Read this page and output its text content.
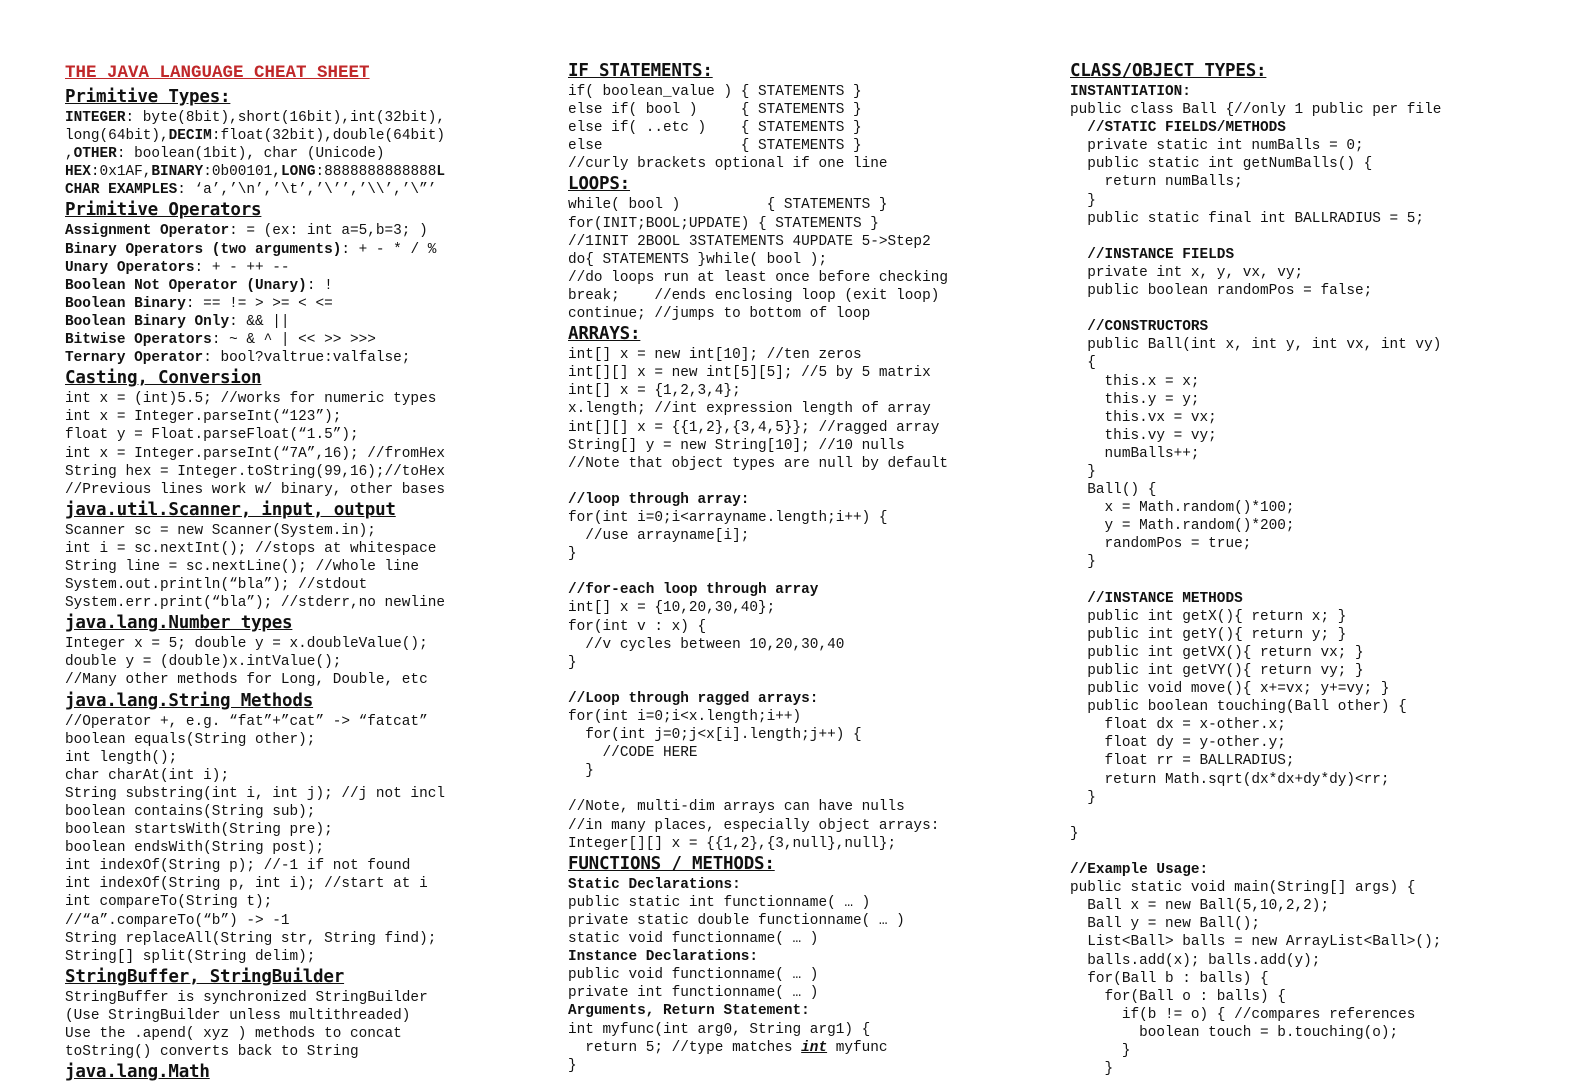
THE JAVA LANGUAGE CHEAT SHEET
Primitive Types:
INTEGER: byte(8bit),short(16bit),int(32bit),
long(64bit),DECIM:float(32bit),double(64bit)
,OTHER: boolean(1bit), char (Unicode)
HEX:0x1AF,BINARY:0b00101,LONG:8888888888888L
CHAR EXAMPLES: ‘a’,’\n’,’\t’,’\’’,’\\’,’\”’
Primitive Operators
Assignment Operator: = (ex: int a=5,b=3; )
Binary Operators (two arguments): + - * / %
Unary Operators: + - ++ --
Boolean Not Operator (Unary): !
Boolean Binary: == != > >= < <=
Boolean Binary Only: && ||
Bitwise Operators: ~ & ^ | << >> >>>
Ternary Operator: bool?valtrue:valfalse;
Casting, Conversion
int x = (int)5.5; //works for numeric types
int x = Integer.parseInt(“123”);
float y = Float.parseFloat(“1.5”);
int x = Integer.parseInt(“7A”,16); //fromHex
String hex = Integer.toString(99,16);//toHex
//Previous lines work w/ binary, other bases
java.util.Scanner, input, output
Scanner sc = new Scanner(System.in);
int i = sc.nextInt(); //stops at whitespace
String line = sc.nextLine(); //whole line
System.out.println(“bla”); //stdout
System.err.print(“bla”); //stderr,no newline
java.lang.Number types
Integer x = 5; double y = x.doubleValue();
double y = (double)x.intValue();
//Many other methods for Long, Double, etc
java.lang.String Methods
//Operator +, e.g. “fat”+”cat” -> “fatcat”
boolean equals(String other);
int length();
char charAt(int i);
String substring(int i, int j); //j not incl
boolean contains(String sub);
boolean startsWith(String pre);
boolean endsWith(String post);
int indexOf(String p); //-1 if not found
int indexOf(String p, int i); //start at i
int compareTo(String t);
//“a”.compareTo(“b”) -> -1
String replaceAll(String str, String find);
String[] split(String delim);
StringBuffer, StringBuilder
StringBuffer is synchronized StringBuilder
(Use StringBuilder unless multithreaded)
Use the .apend( xyz ) methods to concat
toString() converts back to String
java.lang.Math
IF STATEMENTS:
if( boolean_value ) { STATEMENTS }
else if( bool )     { STATEMENTS }
else if( ..etc )    { STATEMENTS }
else                { STATEMENTS }
//curly brackets optional if one line
LOOPS:
while( bool )          { STATEMENTS }
for(INIT;BOOL;UPDATE) { STATEMENTS }
//1INIT 2BOOL 3STATEMENTS 4UPDATE 5->Step2
do{ STATEMENTS }while( bool );
//do loops run at least once before checking
break;    //ends enclosing loop (exit loop)
continue; //jumps to bottom of loop
ARRAYS:
int[] x = new int[10]; //ten zeros
int[][] x = new int[5][5]; //5 by 5 matrix
int[] x = {1,2,3,4};
x.length; //int expression length of array
int[][] x = {{1,2},{3,4,5}}; //ragged array
String[] y = new String[10]; //10 nulls
//Note that object types are null by default
//loop through array:
for(int i=0;i<arrayname.length;i++) {
//use arrayname[i];
}
//for-each loop through array
int[] x = {10,20,30,40};
for(int v : x) {
//v cycles between 10,20,30,40
}
//Loop through ragged arrays:
for(int i=0;i<x.length;i++)
for(int j=0;j<x[i].length;j++) {
//CODE HERE
}
//Note, multi-dim arrays can have nulls
//in many places, especially object arrays:
Integer[][] x = {{1,2},{3,null},null};
FUNCTIONS / METHODS:
Static Declarations:
public static int functionname( … )
private static double functionname( … )
static void functionname( … )
Instance Declarations:
public void functionname( … )
private int functionname( … )
Arguments, Return Statement:
int myfunc(int arg0, String arg1) {
return 5; //type matches int myfunc
}
CLASS/OBJECT TYPES:
INSTANTIATION:
public class Ball {//only 1 public per file
//STATIC FIELDS/METHODS
private static int numBalls = 0;
public static int getNumBalls() {
return numBalls;
}
public static final int BALLRADIUS = 5;
//INSTANCE FIELDS
private int x, y, vx, vy;
public boolean randomPos = false;
//CONSTRUCTORS
public Ball(int x, int y, int vx, int vy)
{
this.x = x;
this.y = y;
this.vx = vx;
this.vy = vy;
numBalls++;
}
Ball() {
x = Math.random()*100;
y = Math.random()*200;
randomPos = true;
}
//INSTANCE METHODS
public int getX(){ return x; }
public int getY(){ return y; }
public int getVX(){ return vx; }
public int getVY(){ return vy; }
public void move(){ x+=vx; y+=vy; }
public boolean touching(Ball other) {
float dx = x-other.x;
float dy = y-other.y;
float rr = BALLRADIUS;
return Math.sqrt(dx*dx+dy*dy)<rr;
}
}
//Example Usage:
public static void main(String[] args) {
Ball x = new Ball(5,10,2,2);
Ball y = new Ball();
List<Ball> balls = new ArrayList<Ball>();
balls.add(x); balls.add(y);
for(Ball b : balls) {
for(Ball o : balls) {
if(b != o) { //compares references
boolean touch = b.touching(o);
}
}
